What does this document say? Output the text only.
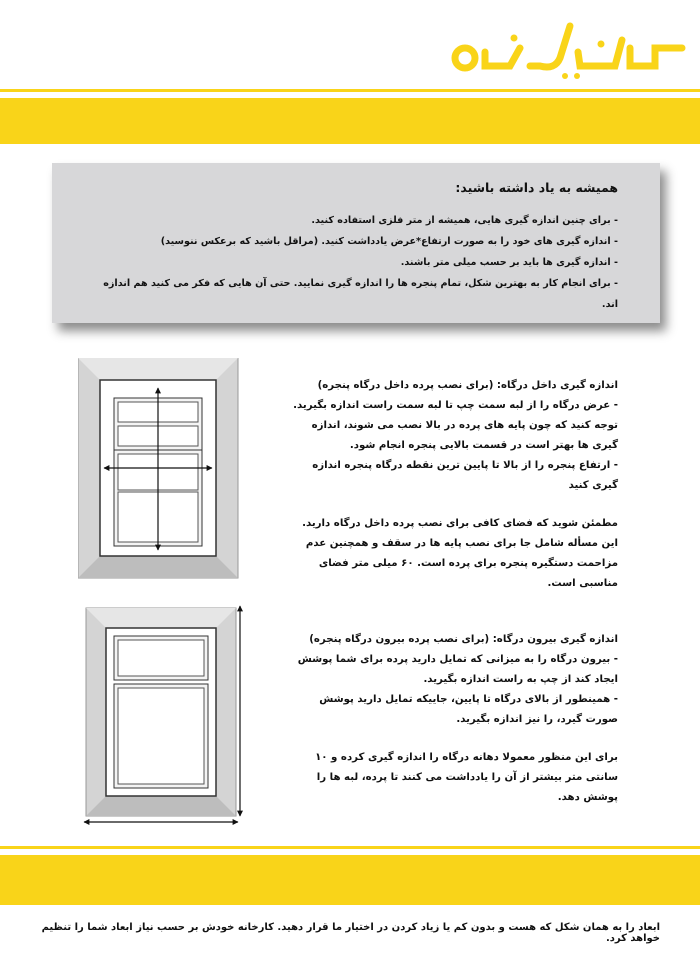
سایبان نو
همیشه به یاد داشته باشید:
- برای چنین اندازه گیری هایی، همیشه از متر فلزی استفاده کنید.
- اندازه گیری های خود را به صورت ارتفاع*عرض یادداشت کنید. (مراقل باشید که برعکس ننوسید)
- اندازه گیری ها باید بر حسب میلی متر باشند.
- برای انجام کار به بهترین شکل، تمام پنجره ها را اندازه گیری نمایید. حتی آن هایی که فکر می کنید هم اندازه اند.

اندازه گیری داخل درگاه: (برای نصب پرده داخل درگاه پنجره)

- عرض درگاه را از لبه سمت چپ تا لبه سمت راست اندازه بگیرید.

توجه کنید که چون پایه های پرده در بالا نصب می شوند، اندازه گیری ها بهتر است در قسمت بالایی پنجره انجام شود.

- ارتفاع پنجره را از بالا تا پایین ترین نقطه درگاه پنجره اندازه گیری کنید

مطمئن شوید که فضای کافی برای نصب پرده داخل درگاه دارید. این مسأله شامل جا برای نصب پایه ها در سقف و همچنین عدم مزاحمت دستگیره پنجره برای پرده است. ۶۰ میلی متر فضای مناسبی است.

اندازه گیری بیرون درگاه: (برای نصب پرده بیرون درگاه پنجره)

- بیرون درگاه را به میزانی که تمایل دارید پرده برای شما پوشش ایجاد کند از چپ به راست اندازه بگیرید.

- همینطور از بالای درگاه تا پایین، جاییکه تمایل دارید پوشش صورت گیرد، را نیز اندازه بگیرید.

برای این منظور معمولا دهانه درگاه را اندازه گیری کرده و ۱۰ سانتی متر بیشتر از آن را یادداشت می کنند تا پرده، لبه ها را پوشش دهد.

ابعاد را به همان شکل که هست و بدون کم یا زیاد کردن در اختیار ما قرار دهید. کارخانه خودش بر حسب نیاز ابعاد شما را تنظیم خواهد کرد.
